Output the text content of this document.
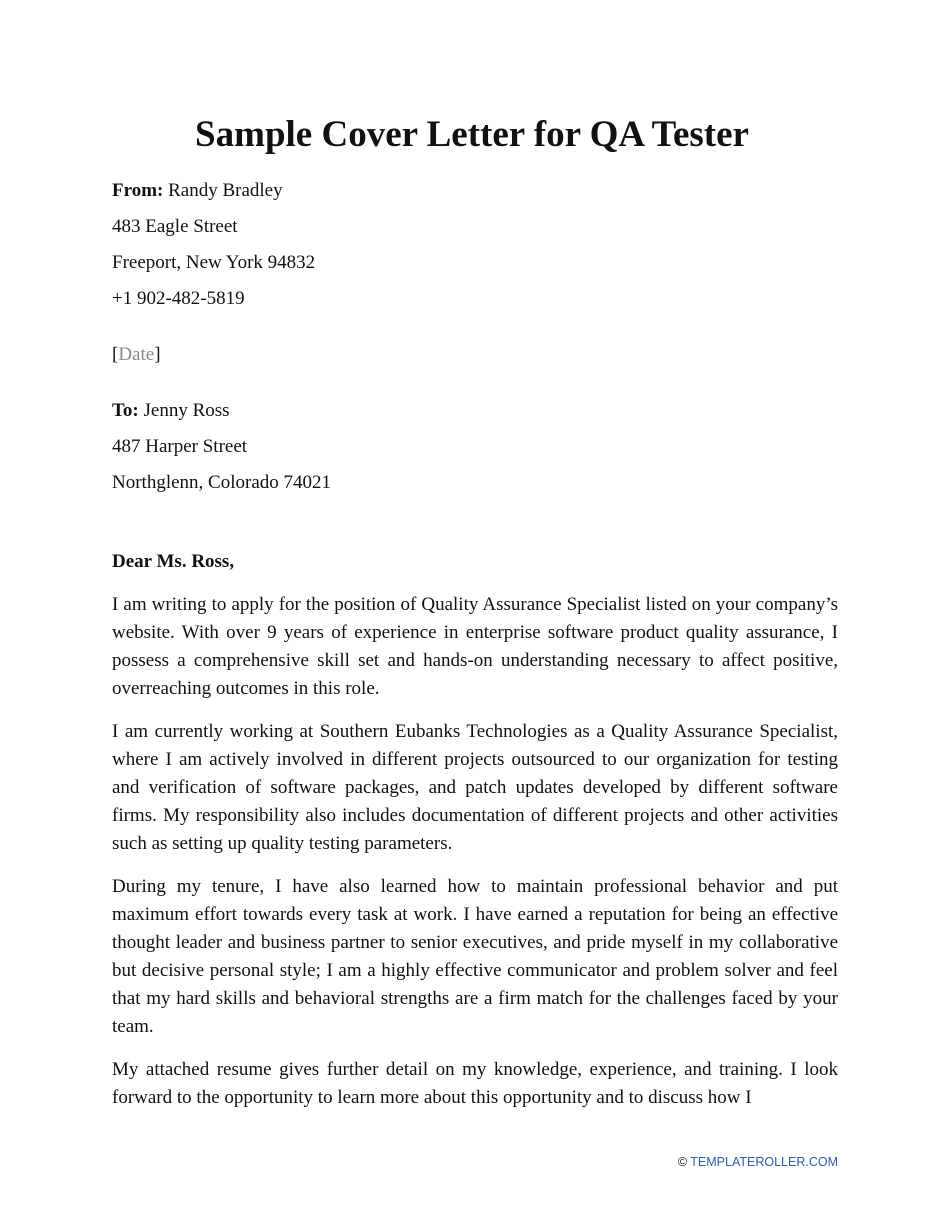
Sample Cover Letter for QA Tester
From: Randy Bradley
483 Eagle Street
Freeport, New York 94832
+1 902-482-5819
[Date]
To: Jenny Ross
487 Harper Street
Northglenn, Colorado 74021

Dear Ms. Ross,

I am writing to apply for the position of Quality Assurance Specialist listed on your company’s website. With over 9 years of experience in enterprise software product quality assurance, I possess a comprehensive skill set and hands-on understanding necessary to affect positive, overreaching outcomes in this role.

I am currently working at Southern Eubanks Technologies as a Quality Assurance Specialist, where I am actively involved in different projects outsourced to our organization for testing and verification of software packages, and patch updates developed by different software firms. My responsibility also includes documentation of different projects and other activities such as setting up quality testing parameters.

During my tenure, I have also learned how to maintain professional behavior and put maximum effort towards every task at work. I have earned a reputation for being an effective thought leader and business partner to senior executives, and pride myself in my collaborative but decisive personal style; I am a highly effective communicator and problem solver and feel that my hard skills and behavioral strengths are a firm match for the challenges faced by your team.

My attached resume gives further detail on my knowledge, experience, and training. I look forward to the opportunity to learn more about this opportunity and to discuss how I

© TEMPLATEROLLER.COM
